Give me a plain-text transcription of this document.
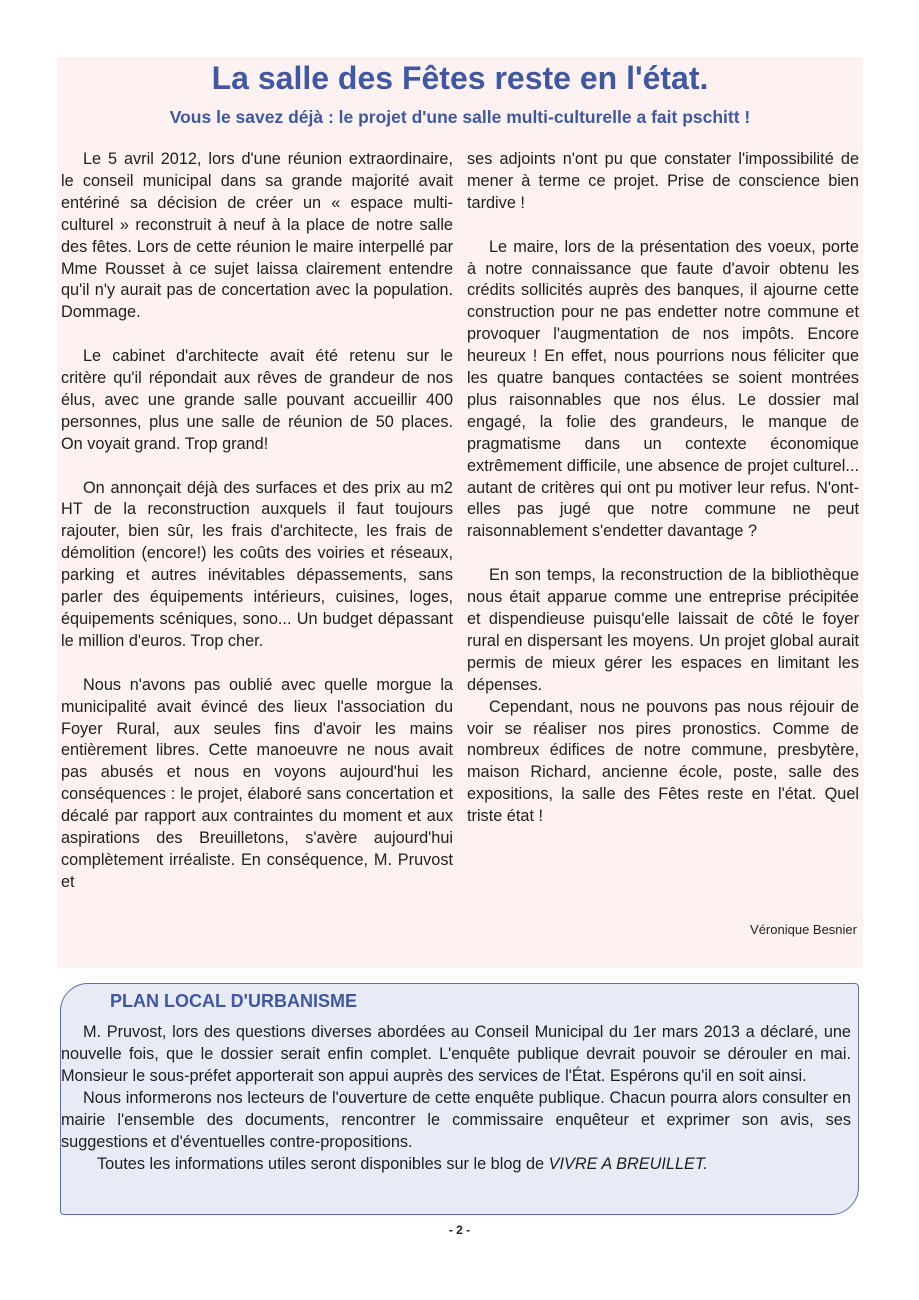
La salle des Fêtes reste en l'état.
Vous le savez déjà : le projet d'une salle multi-culturelle a fait pschitt !

Le 5 avril 2012, lors d'une réunion extraordinaire, le conseil municipal dans sa grande majorité avait entériné sa décision de créer un « espace multi-culturel » reconstruit à neuf à la place de notre salle des fêtes. Lors de cette réunion le maire interpellé par Mme Rousset à ce sujet laissa clairement entendre qu'il n'y aurait pas de concertation avec la population. Dommage.

Le cabinet d'architecte avait été retenu sur le critère qu'il répondait aux rêves de grandeur de nos élus, avec une grande salle pouvant accueillir 400 personnes, plus une salle de réunion de 50 places. On voyait grand. Trop grand!

On annonçait déjà des surfaces et des prix au m2 HT de la reconstruction auxquels il faut toujours rajouter, bien sûr, les frais d'architecte, les frais de démolition (encore!) les coûts des voiries et réseaux, parking et autres inévitables dépassements, sans parler des équipements intérieurs, cuisines, loges, équipements scéniques, sono... Un budget dépassant le million d'euros. Trop cher.

Nous n'avons pas oublié avec quelle morgue la municipalité avait évincé des lieux l'association du Foyer Rural, aux seules fins d'avoir les mains entièrement libres. Cette manoeuvre ne nous avait pas abusés et nous en voyons aujourd'hui les conséquences : le projet, élaboré sans concertation et décalé par rapport aux contraintes du moment et aux aspirations des Breuilletons, s'avère aujourd'hui complètement irréaliste. En conséquence, M. Pruvost et

ses adjoints n'ont pu que constater l'impossibilité de mener à terme ce projet. Prise de conscience bien tardive !

Le maire, lors de la présentation des voeux, porte à notre connaissance que faute d'avoir obtenu les crédits sollicités auprès des banques, il ajourne cette construction pour ne pas endetter notre commune et provoquer l'augmentation de nos impôts. Encore heureux ! En effet, nous pourrions nous féliciter que les quatre banques contactées se soient montrées plus raisonnables que nos élus. Le dossier mal engagé, la folie des grandeurs, le manque de pragmatisme dans un contexte économique extrêmement difficile, une absence de projet culturel... autant de critères qui ont pu motiver leur refus. N'ont-elles pas jugé que notre commune ne peut raisonnablement s'endetter davantage ?

En son temps, la reconstruction de la bibliothèque nous était apparue comme une entreprise précipitée et dispendieuse puisqu'elle laissait de côté le foyer rural en dispersant les moyens. Un projet global aurait permis de mieux gérer les espaces en limitant les dépenses.

Cependant, nous ne pouvons pas nous réjouir de voir se réaliser nos pires pronostics. Comme de nombreux édifices de notre commune, presbytère, maison Richard, ancienne école, poste, salle des expositions, la salle des Fêtes reste en l'état. Quel triste état !

Véronique Besnier
PLAN LOCAL D'URBANISME

M. Pruvost, lors des questions diverses abordées au Conseil Municipal du 1er mars 2013 a déclaré, une nouvelle fois, que le dossier serait enfin complet. L'enquête publique devrait pouvoir se dérouler en mai. Monsieur le sous-préfet apporterait son appui auprès des services de l'État. Espérons qu'il en soit ainsi.

Nous informerons nos lecteurs de l'ouverture de cette enquête publique. Chacun pourra alors consulter en mairie l'ensemble des documents, rencontrer le commissaire enquêteur et exprimer son avis, ses suggestions et d'éventuelles contre-propositions.

Toutes les informations utiles seront disponibles sur le blog de VIVRE A BREUILLET.

- 2 -
